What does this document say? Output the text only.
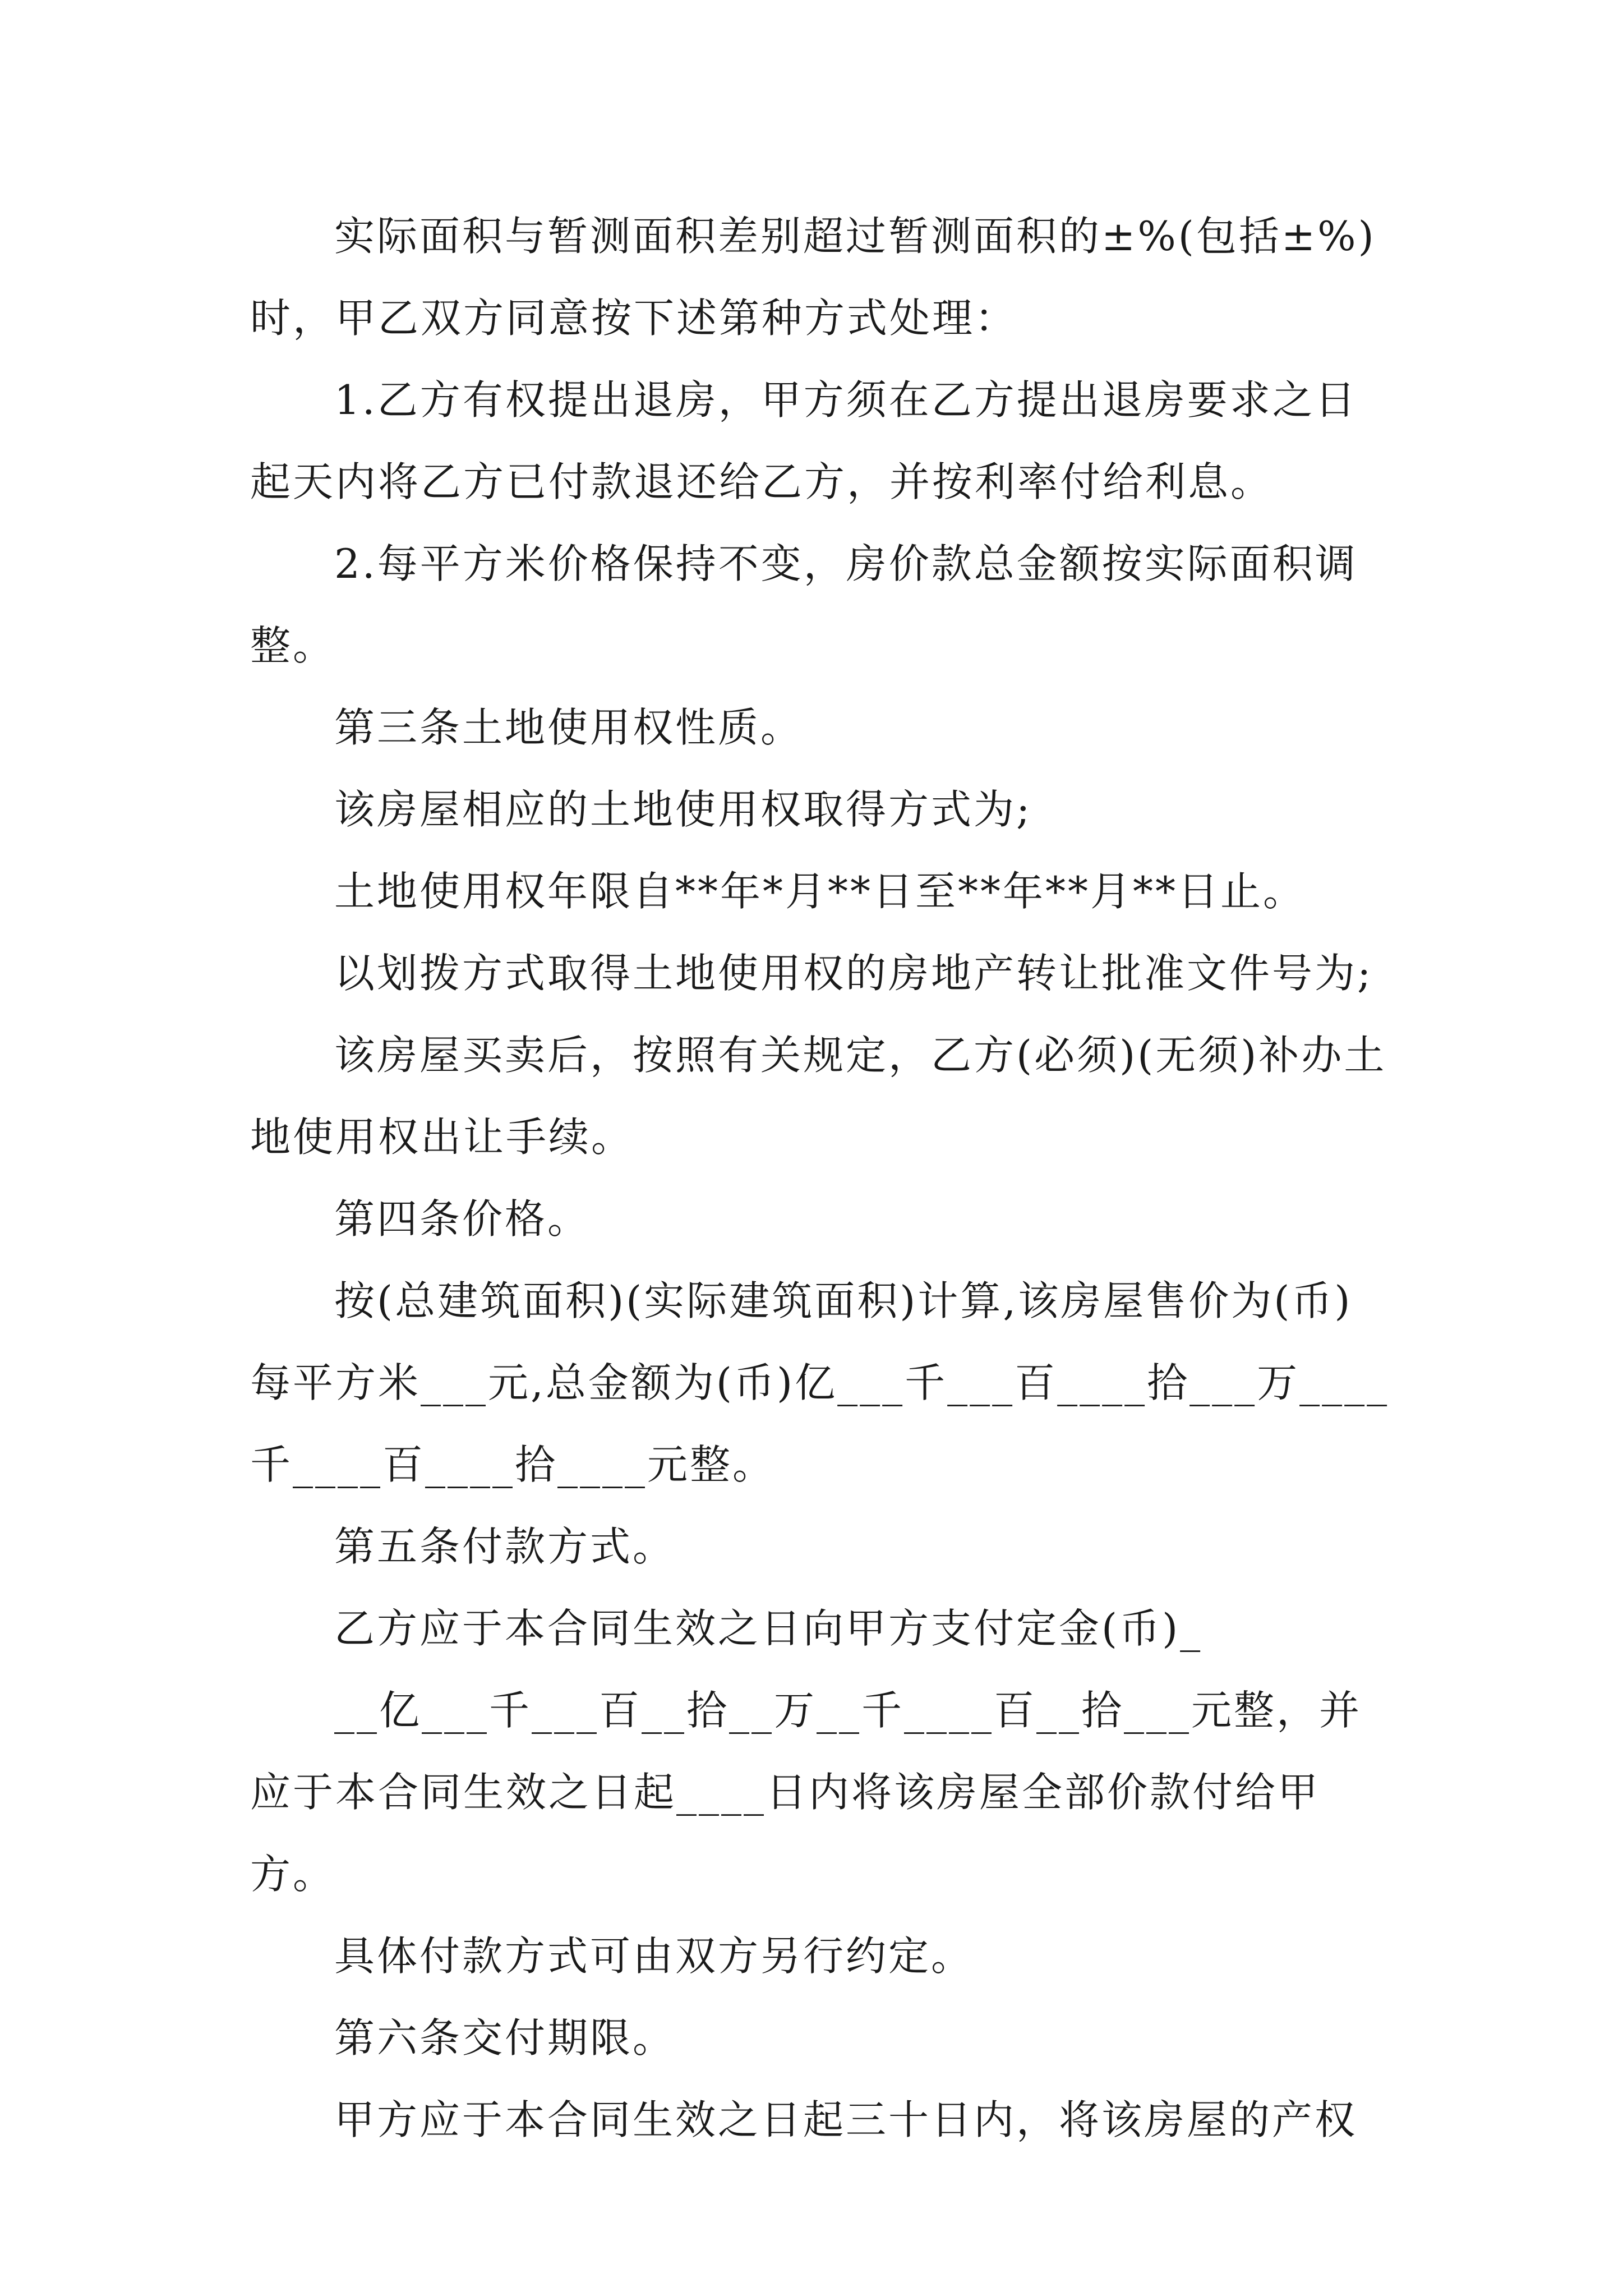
实际面积与暂测面积差别超过暂测面积的±%(包括±%)时，甲乙双方同意按下述第种方式处理：

1.乙方有权提出退房，甲方须在乙方提出退房要求之日起天内将乙方已付款退还给乙方，并按利率付给利息。

2.每平方米价格保持不变，房价款总金额按实际面积调整。

第三条土地使用权性质。

该房屋相应的土地使用权取得方式为;

土地使用权年限自**年*月**日至**年**月**日止。

以划拨方式取得土地使用权的房地产转让批准文件号为;

该房屋买卖后，按照有关规定，乙方(必须)(无须)补办土地使用权出让手续。

第四条价格。

按(总建筑面积)(实际建筑面积)计算,该房屋售价为(币)每平方米___元,总金额为(币)亿___千___百____拾___万____千____百____拾____元整。

第五条付款方式。

乙方应于本合同生效之日向甲方支付定金(币)_

__亿___千___百__拾__万__千____百__拾___元整，并应于本合同生效之日起____日内将该房屋全部价款付给甲方。

具体付款方式可由双方另行约定。

第六条交付期限。

甲方应于本合同生效之日起三十日内，将该房屋的产权
